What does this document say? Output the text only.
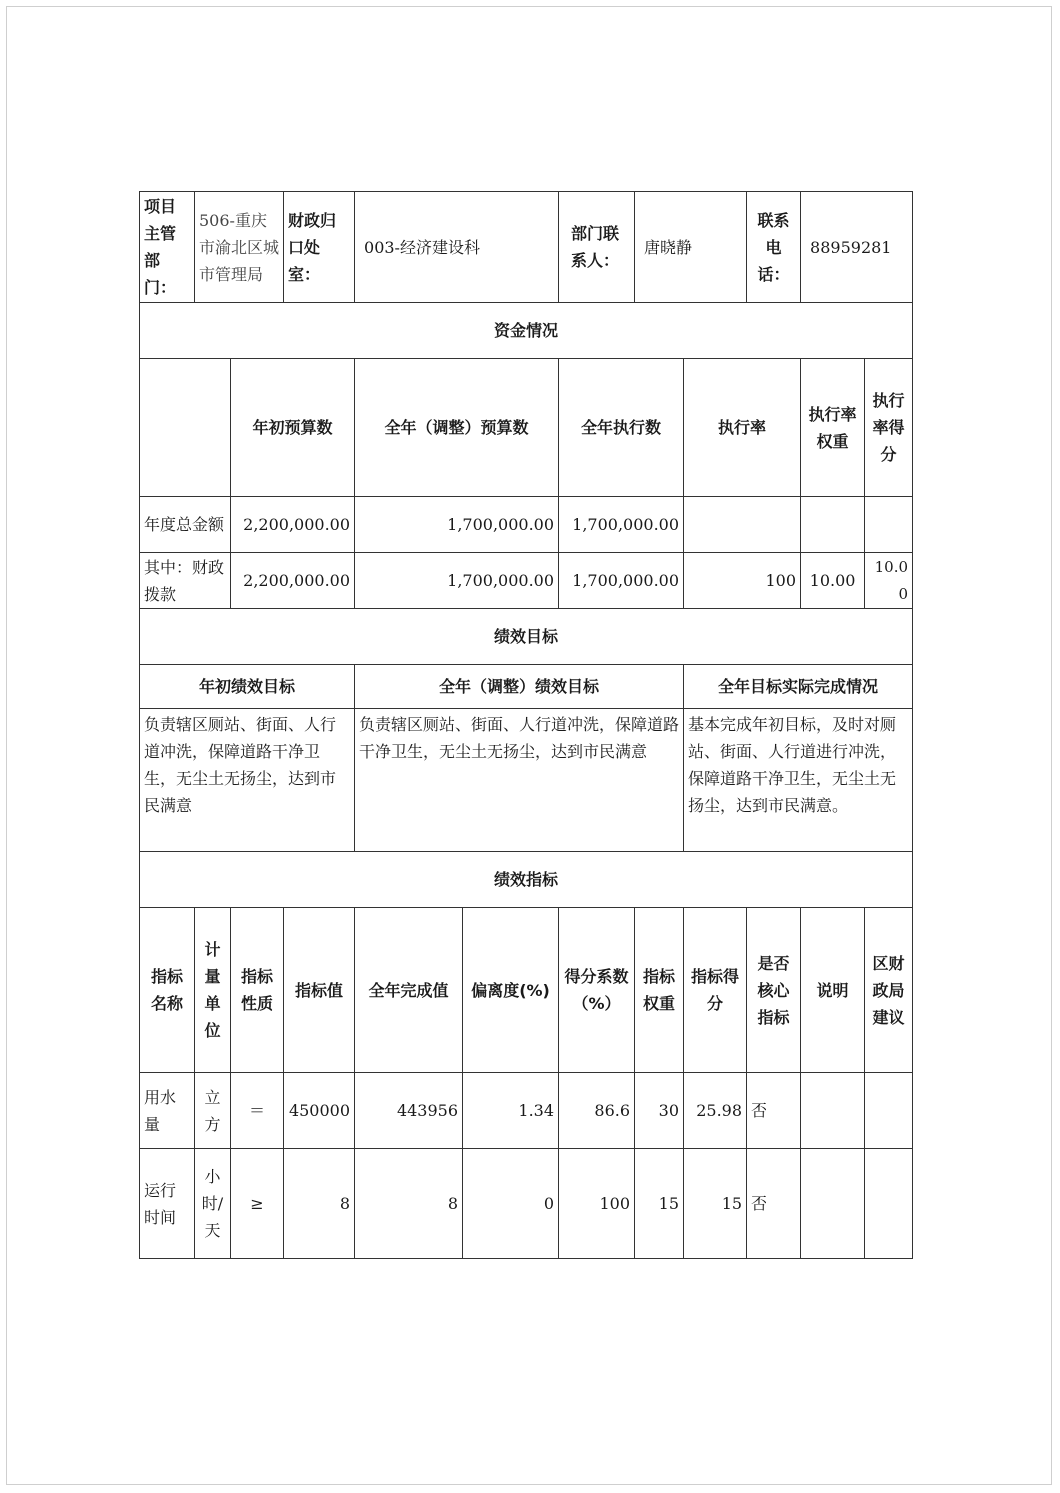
项目主管部门：	506-重庆市渝北区城市管理局		财政归口处室：	003-经济建设科		部门联系人：	唐晓静		联系电话：	88959281	
资金情况											
		年初预算数		全年（调整）预算数		全年执行数		执行率		执行率权重	执行率得分
年度总金额		2,200,000.00		1,700,000.00		1,700,000.00					
其中：财政拨款		2,200,000.00		1,700,000.00		1,700,000.00		100		10.00	10.00
绩效目标											
年初绩效目标				全年（调整）绩效目标				全年目标实际完成情况			
负责辖区厕站、街面、人行道冲洗，保障道路干净卫生，无尘土无扬尘，达到市民满意				负责辖区厕站、街面、人行道冲洗，保障道路干净卫生，无尘土无扬尘，达到市民满意				基本完成年初目标，及时对厕站、街面、人行道进行冲洗，保障道路干净卫生，无尘土无扬尘，达到市民满意。			
绩效指标											
指标名称	计量单位	指标性质	指标值	全年完成值	偏离度(%)	得分系数（%）	指标权重	指标得分	是否核心指标	说明	区财政局建议
用水量	立方	＝	450000	443956	1.34	86.6	30	25.98	否		
运行时间	小时/天	≥	8	8	0	100	15	15	否		
